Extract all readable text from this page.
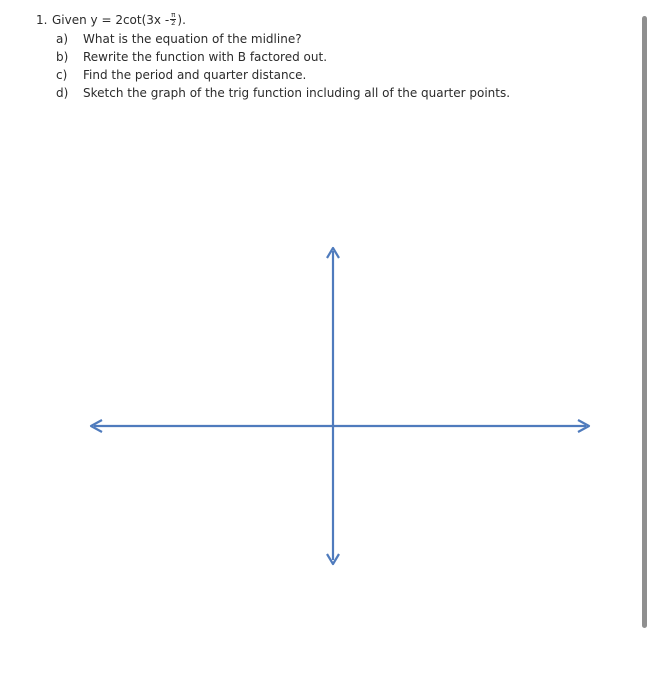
1. Given $y = 2\cot(3x - \frac{\pi}{2}$ ).
a)	What is the equation of the midline?
b)	Rewrite the function with B factored out.
c)	Find the period and quarter distance.
d)	Sketch the graph of the trig function including all of the quarter points.
